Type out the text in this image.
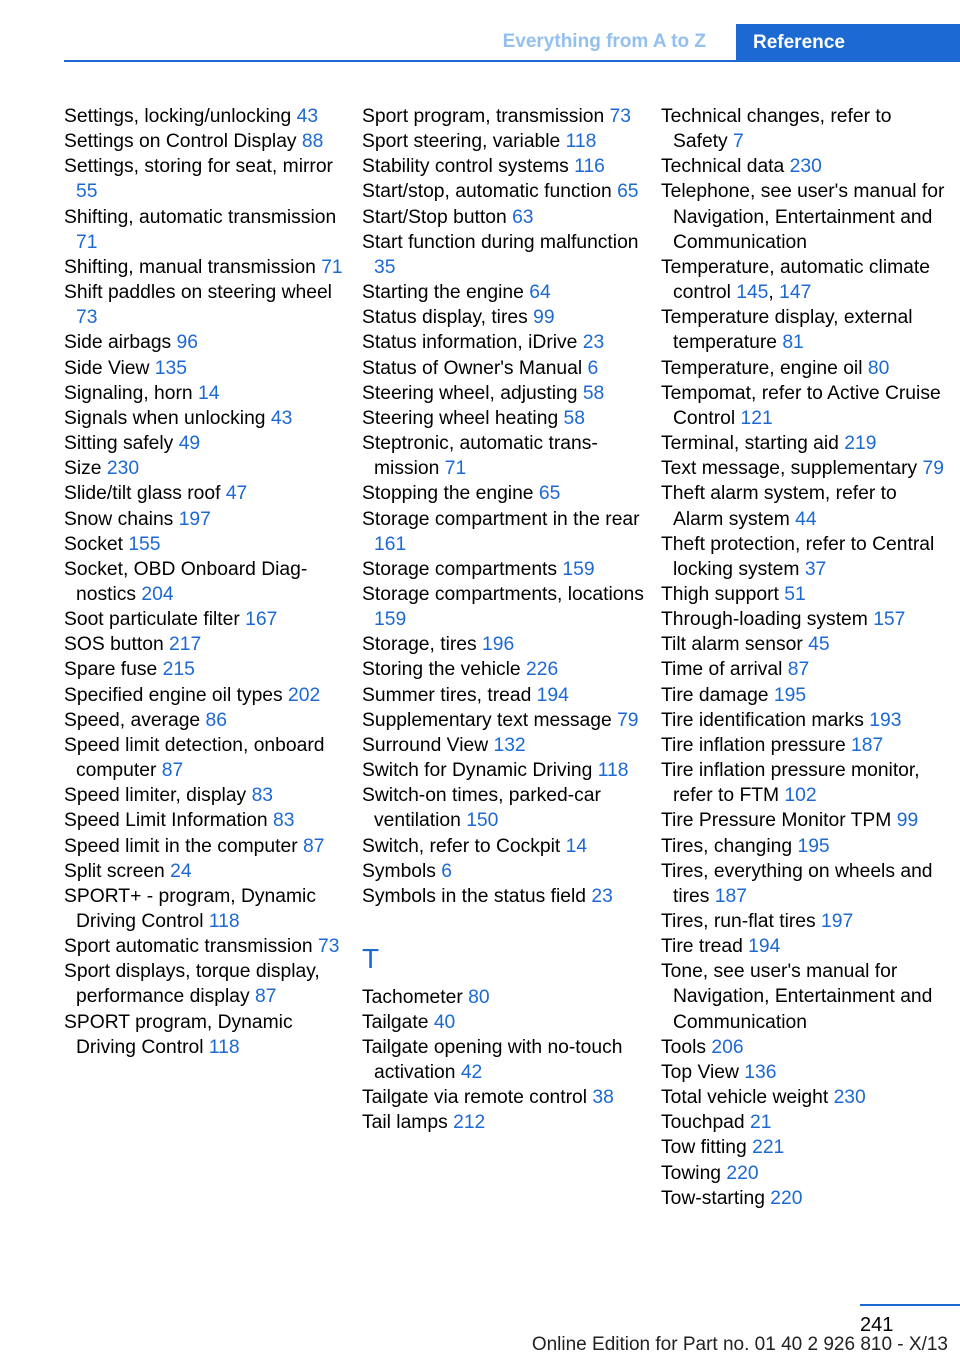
Everything from A to Z	Reference
Settings, locking/unlocking 43
Settings on Control Display 88
Settings, storing for seat, mirror 55
Shifting, automatic transmission 71
Shifting, manual transmission 71
Shift paddles on steering wheel 73
Side airbags 96
Side View 135
Signaling, horn 14
Signals when unlocking 43
Sitting safely 49
Size 230
Slide/tilt glass roof 47
Snow chains 197
Socket 155
Socket, OBD Onboard Diagnostics 204
Soot particulate filter 167
SOS button 217
Spare fuse 215
Specified engine oil types 202
Speed, average 86
Speed limit detection, onboard computer 87
Speed limiter, display 83
Speed Limit Information 83
Speed limit in the computer 87
Split screen 24
SPORT+ - program, Dynamic Driving Control 118
Sport automatic transmission 73
Sport displays, torque display, performance display 87
SPORT program, Dynamic Driving Control 118
Sport program, transmission 73
Sport steering, variable 118
Stability control systems 116
Start/stop, automatic function 65
Start/Stop button 63
Start function during malfunction 35
Starting the engine 64
Status display, tires 99
Status information, iDrive 23
Status of Owner's Manual 6
Steering wheel, adjusting 58
Steering wheel heating 58
Steptronic, automatic transmission 71
Stopping the engine 65
Storage compartment in the rear 161
Storage compartments 159
Storage compartments, locations 159
Storage, tires 196
Storing the vehicle 226
Summer tires, tread 194
Supplementary text message 79
Surround View 132
Switch for Dynamic Driving 118
Switch-on times, parked-car ventilation 150
Switch, refer to Cockpit 14
Symbols 6
Symbols in the status field 23
T
Tachometer 80
Tailgate 40
Tailgate opening with no-touch activation 42
Tailgate via remote control 38
Tail lamps 212
Technical changes, refer to Safety 7
Technical data 230
Telephone, see user's manual for Navigation, Entertainment and Communication
Temperature, automatic climate control 145, 147
Temperature display, external temperature 81
Temperature, engine oil 80
Tempomat, refer to Active Cruise Control 121
Terminal, starting aid 219
Text message, supplementary 79
Theft alarm system, refer to Alarm system 44
Theft protection, refer to Central locking system 37
Thigh support 51
Through-loading system 157
Tilt alarm sensor 45
Time of arrival 87
Tire damage 195
Tire identification marks 193
Tire inflation pressure 187
Tire inflation pressure monitor, refer to FTM 102
Tire Pressure Monitor TPM 99
Tires, changing 195
Tires, everything on wheels and tires 187
Tires, run-flat tires 197
Tire tread 194
Tone, see user's manual for Navigation, Entertainment and Communication
Tools 206
Top View 136
Total vehicle weight 230
Touchpad 21
Tow fitting 221
Towing 220
Tow-starting 220
241
Online Edition for Part no. 01 40 2 926 810 - X/13
